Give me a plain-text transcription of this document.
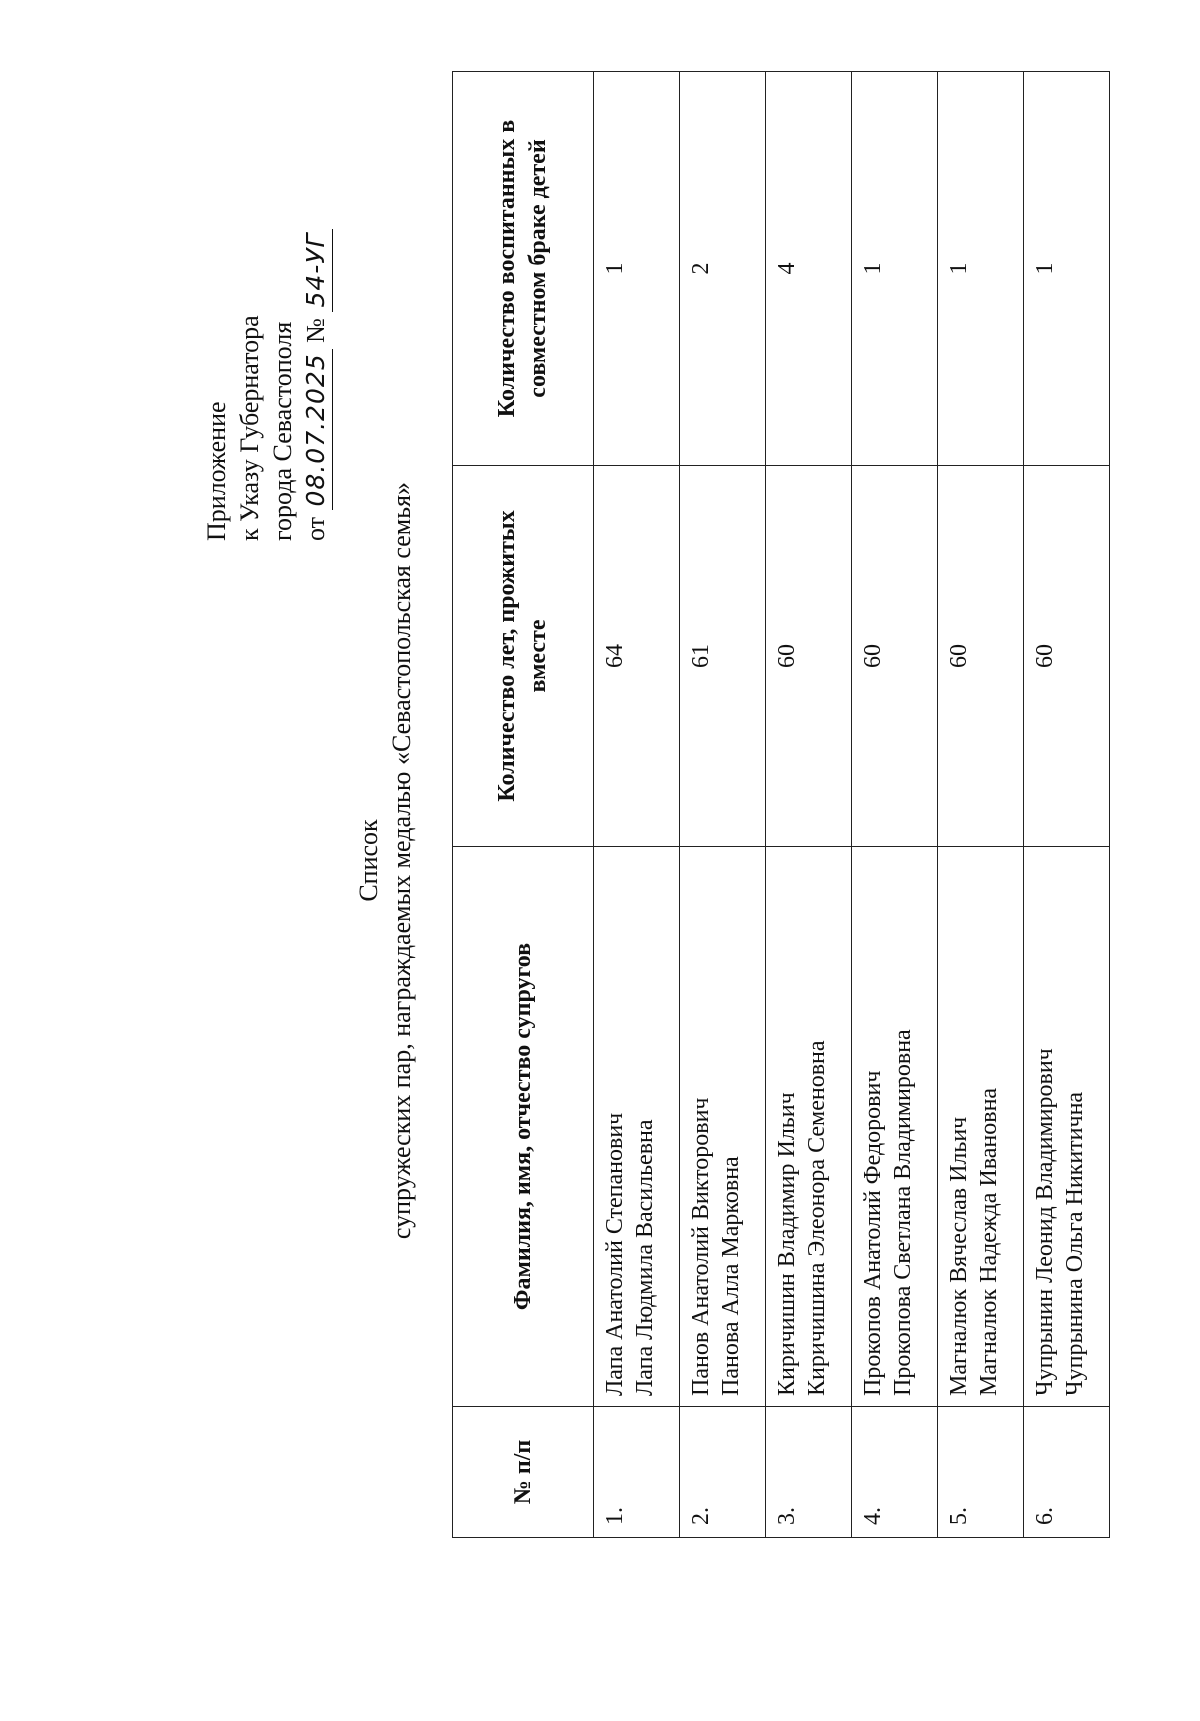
Приложение к Указу Губернатора города Севастополя от 08.07.2025 № 54-УГ
Список супружеских пар, награждаемых медалью «Севастопольская семья»
№ п/п	Фамилия, имя, отчество супругов	Количество лет, прожитых вместе	Количество воспитанных в совместном браке детей
1.	Лапа Анатолий Степанович Лапа Людмила Васильевна	64	1
2.	Панов Анатолий Викторович Панова Алла Марковна	61	2
3.	Киричишин Владимир Ильич Киричишина Элеонора Семеновна	60	4
4.	Прокопов Анатолий Федорович Прокопова Светлана Владимировна	60	1
5.	Магналюк Вячеслав Ильич Магналюк Надежда Ивановна	60	1
6.	Чупрынин Леонид Владимирович Чупрынина Ольга Никитична	60	1
